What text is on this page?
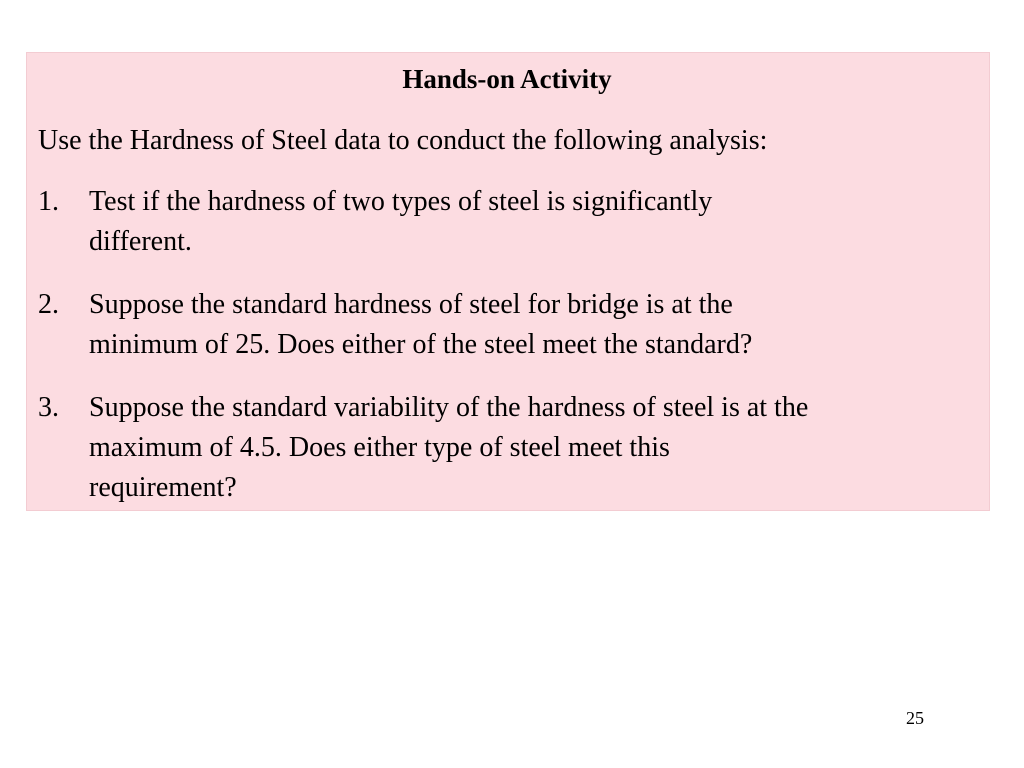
Hands-on Activity
Use the Hardness of Steel data to conduct the following analysis:
1. Test if the hardness of two types of steel is significantly
different.
2. Suppose the standard hardness of steel for bridge is at the
minimum of 25. Does either of the steel meet the standard?
3. Suppose the standard variability of the hardness of steel is at the
maximum of 4.5. Does either type of steel meet this
requirement?
25
